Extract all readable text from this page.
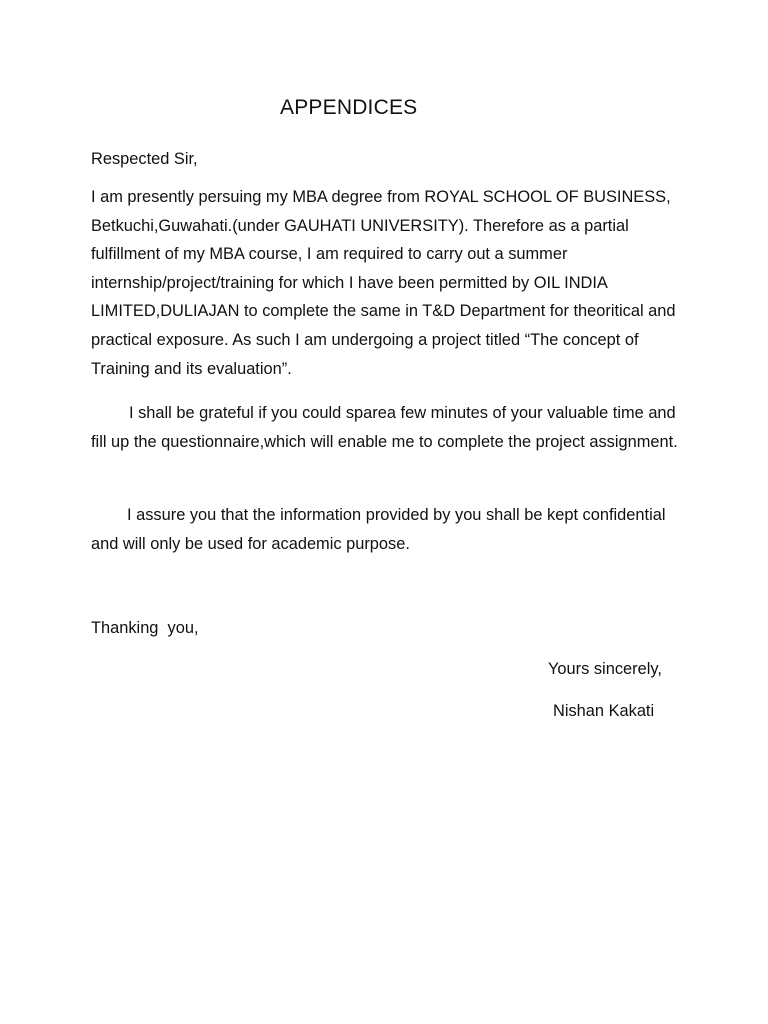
APPENDICES

Respected Sir,

I am presently persuing my MBA degree from ROYAL SCHOOL OF BUSINESS, Betkuchi,Guwahati.(under GAUHATI UNIVERSITY). Therefore as a partial fulfillment of my MBA course, I am required to carry out a summer internship/project/training for which I have been permitted by OIL INDIA LIMITED,DULIAJAN to complete the same in T&D Department for theoritical and practical exposure. As such I am undergoing a project titled “The concept of Training and its evaluation”.

I shall be grateful if you could sparea few minutes of your valuable time and fill up the questionnaire,which will enable me to complete the project assignment.

I assure you that the information provided by you shall be kept confidential and will only be used for academic purpose.

Thanking  you,

Yours sincerely,

Nishan Kakati
